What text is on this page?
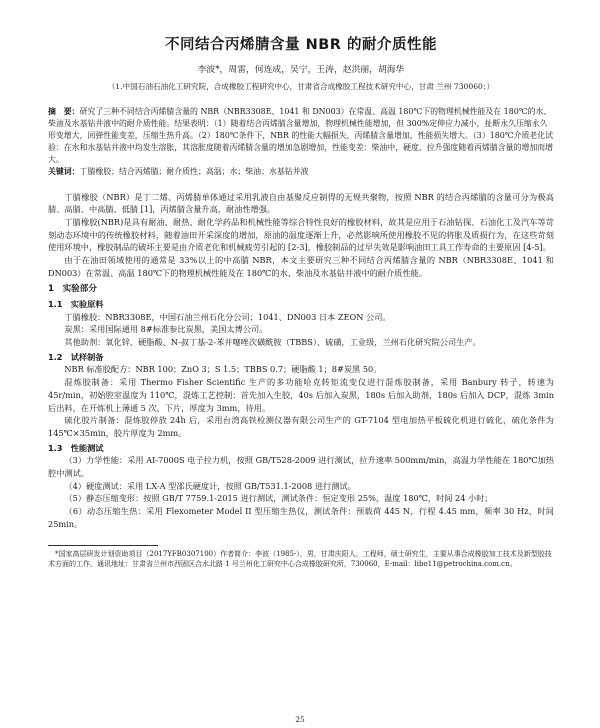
不同结合丙烯腈含量 NBR 的耐介质性能
李波*，周雷，何连成，吴宁，王涛，赵洪丽，胡海华
（1.中国石油石油化工研究院，合成橡胶工程研究中心，甘肃省合成橡胶工程技术研究中心，甘肃 兰州 730060；）

摘　要：研究了三种不同结合丙烯腈含量的 NBR（NBR3308E、1041 和 DN003）在常温、高温 180℃下的物理机械性能及在 180℃的水、柴油及水基钻井液中的耐介质性能。结果表明：（1）随着结合丙烯腈含量增加，物理机械性能增加，但 300%定伸应力减小，扯断永久压缩永久形变增大，回弹性能变差，压缩生热升高。（2）180℃条件下，NBR 的性能大幅损失，丙烯腈含量增加，性能损失增大。（3）180℃介质老化试验：在水和水基钻井液中均发生溶胀，其溶胀度随着丙烯腈含量的增加急剧增加，性能变差：柴油中，硬度、拉升强度随着丙烯腈含量的增加而增大。

关键词：丁腈橡胶；结合丙烯腈；耐介质性；高温；水；柴油；水基钻井液

丁腈橡胶（NBR）是丁二烯、丙烯腈单体通过采用乳液自由基聚反应制得的无规共聚物，按照 NBR 的结合丙烯腈的含量可分为极高腈、高腈、中高腈、低腈 [1]，丙烯腈含量升高，耐油性增强。

丁腈橡胶(NBR)是具有耐油、耐热、耐化学药品和机械性能等综合特性良好的橡胶材料，故其是应用于石油钻探、石油化工及汽车等苛刻动态环境中的传统橡胶材料，随着油田开采深度的增加，原油的温度逐渐上升，必然影响所使用橡胶不见的将胀及质损行为，在这些苛刻使用环境中，橡胶制品的破坏主要是由介质老化和机械疲劳引起的 [2-3]，橡胶制品的过早失效是影响油田工具工作寿命的主要原因 [4-5]。

由于在油田领域使用的通常是 33%以上的中高腈 NBR，本文主要研究三种不同结合丙烯腈含量的 NBR（NBR3308E、1041 和 DN003）在常温、高温 180℃下的物理机械性能及在 180℃的水、柴油及水基钻井液中的耐介质性能。

1　实验部分
1.1　实验原料

丁腈橡胶：NBR3308E，中国石油兰州石化分公司；1041、DN003 日本 ZEON 公司。

炭黑：采用国际通用 8#标准参比炭黑，美国太博公司。

其他助剂：氧化锌、硬脂酸、N-叔丁基-2-苯并噻唑次磺酰胺（TBBS）、硫磺，工业级，兰州石化研究院公司生产。

1.2　试样制备

NBR 标准胶配方：NBR 100；ZnO 3；S 1.5；TBBS 0.7；硬脂酸 1；8#炭黑 50。

混炼胶制备：采用 Thermo Fisher Scientific 生产的多功能哈克转矩流变仪进行混炼胶制备，采用 Banbury 转子，转速为 45r/min，初始腔室温度为 110℃，混炼工艺控制：首先加入生胶，40s 后加入炭黑，180s 后加入助剂，180s 后加入 DCP，混炼 3min 后出料，在开炼机上薄通 5 次，下片，厚度为 3mm，待用。

硫化胶片制备：混炼胶停放 24h 后，采用台湾高铁检测仪器有限公司生产的 GT-7104 型电加热平板硫化机进行硫化，硫化条件为 145℃×35min，胶片厚度为 2mm。

1.3　性能测试

（3）力学性能：采用 AI-7000S 电子拉力机，按照 GB/T528-2009 进行测试，拉升速率 500mm/min，高温力学性能在 180℃加热腔中测试。

（4）硬度测试：采用 LX-A 型邵氏硬度计，按照 GB/T531.1-2008 进行测试。

（5）静态压缩变形：按照 GB/T 7759.1-2015 进行测试，测试条件：恒定变形 25%，温度 180℃，时间 24 小时；

（6）动态压缩生热：采用 Flexometer Model II 型压缩生热仪，测试条件：预载荷 445 N，行程 4.45 mm，频率 30 Hz，时间 25min。

*国家高层研发计划资助项目（2017YFB0307100）作者简介：李波（1985-），男，甘肃庆阳人，工程师，硕士研究生，主要从事合成橡胶加工技术及新型胶技术方面的工作。通讯地址：甘肃省兰州市西固区合水北路 1 号兰州化工研究中心合成橡胶研究所，730060，E-mail：libo11@petrochina.com.cn。
25
